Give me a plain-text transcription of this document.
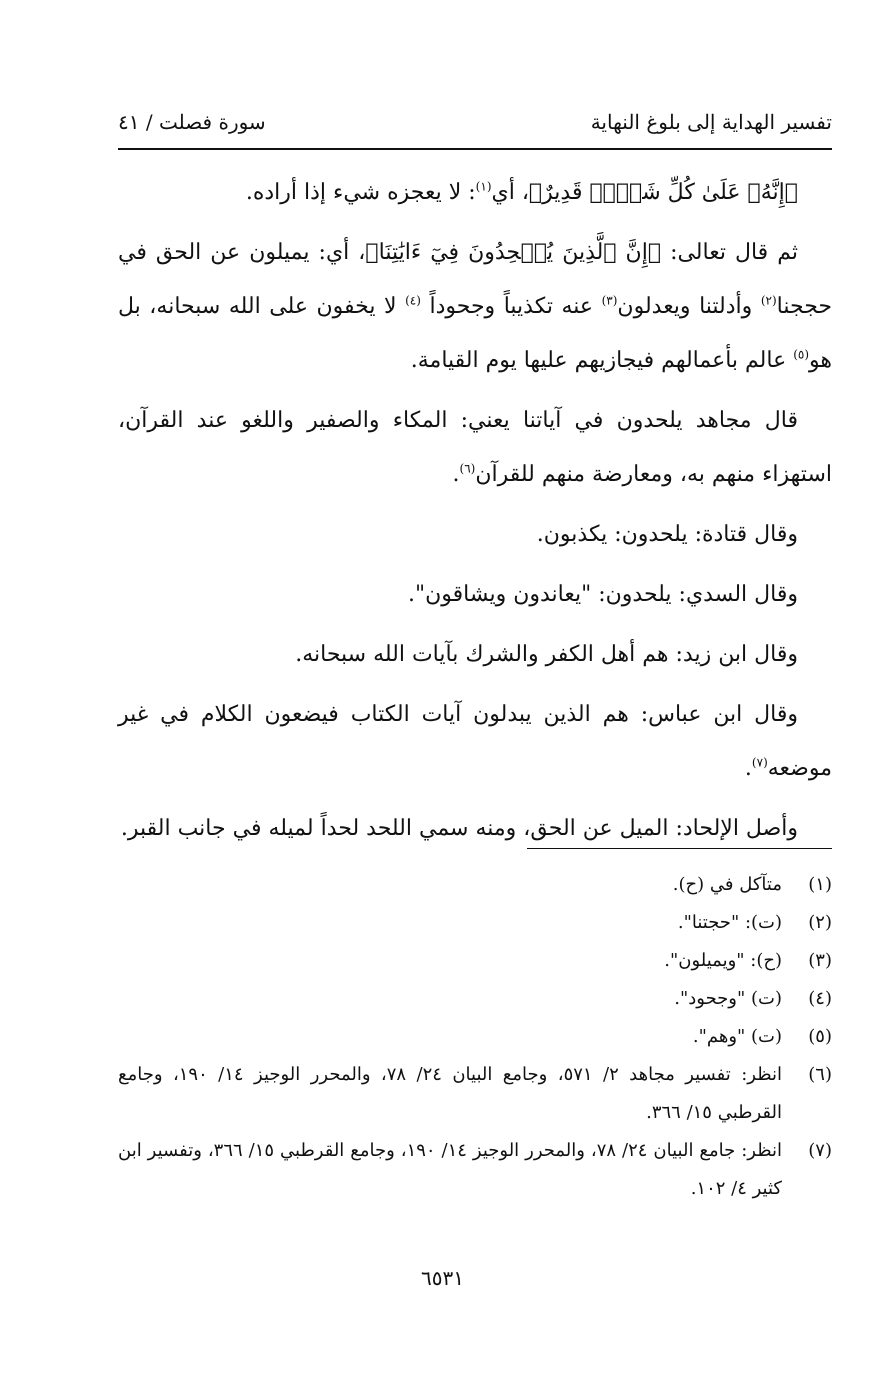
تفسير الهداية إلى بلوغ النهاية
سورة فصلت / ٤١

﴿إِنَّهُۥ عَلَىٰ كُلِّ شَيۡءٖ قَدِيرٌ﴾، أي$^{(١)}$: لا يعجزه شيء إذا أراده.

ثم قال تعالى: ﴿إِنَّ ٱلَّذِينَ يُلۡحِدُونَ فِيٓ ءَايَٰتِنَا﴾، أي: يميلون عن الحق في حججنا$^{(٢)}$ وأدلتنا ويعدلون$^{(٣)}$ عنه تكذيباً وجحوداً $^{(٤)}$ لا يخفون على الله سبحانه، بل هو$^{(٥)}$ عالم بأعمالهم فيجازيهم عليها يوم القيامة.

قال مجاهد يلحدون في آياتنا يعني: المكاء والصفير واللغو عند القرآن، استهزاء منهم به، ومعارضة منهم للقرآن$^{(٦)}$.

وقال قتادة: يلحدون: يكذبون.

وقال السدي: يلحدون: "يعاندون ويشاقون".

وقال ابن زيد: هم أهل الكفر والشرك بآيات الله سبحانه.

وقال ابن عباس: هم الذين يبدلون آيات الكتاب فيضعون الكلام في غير موضعه$^{(٧)}$.

وأصل الإلحاد: الميل عن الحق، ومنه سمي اللحد لحداً لميله في جانب القبر.

(١)
متآكل في (ح).
(٢)
(ت): "حجتنا".
(٣)
(ح): "ويميلون".
(٤)
(ت) "وجحود".
(٥)
(ت) "وهم".
(٦)
انظر: تفسير مجاهد ٢/ ٥٧١، وجامع البيان ٢٤/ ٧٨، والمحرر الوجيز ١٤/ ١٩٠، وجامع القرطبي ١٥/ ٣٦٦.
(٧)
انظر: جامع البيان ٢٤/ ٧٨، والمحرر الوجيز ١٤/ ١٩٠، وجامع القرطبي ١٥/ ٣٦٦، وتفسير ابن كثير ٤/ ١٠٢.
٦٥٣١
